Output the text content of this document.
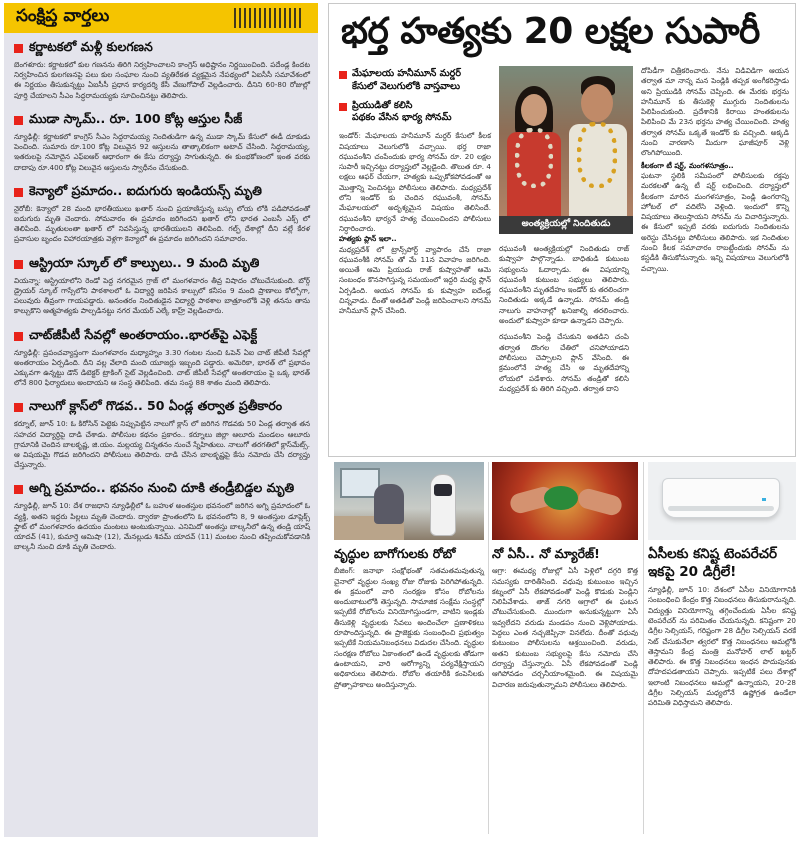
సంక్షిప్త వార్తలు
కర్ణాటకలో మళ్లీ కులగణన
బెంగళూరు: కర్ణాటకలో కుల గణనను తిరిగి నిర్వహించాలని కాంగ్రెస్ అధిష్టానం నిర్ణయించింది. పదేండ్ల కిందట నిర్వహించిన కులగణనపై పలు కుల సంఘాల నుంచి వ్యతిరేకత వ్యక్తమైన నేపథ్యంలో ఏఐసీసీ సమావేశంలో ఈ నిర్ణయం తీసుకున్నట్టు ఏఐసీసీ ప్రధాన కార్యదర్శి కేసీ వేణుగోపాల్ వెల్లడించారు. దీనిని 60-80 రోజుల్లో పూర్తి చేయాలని సీఎం సిద్ధరామయ్యకు సూచించినట్టు తెలిపారు.
ముడా స్కామ్.. రూ. 100 కోట్ల ఆస్తుల సీజ్
న్యూఢిల్లీ: కర్ణాటకలో కాంగ్రెస్ సీఎం సిద్దరామయ్య నిందితుడిగా ఉన్న ముడా స్కామ్ కేసులో ఈడీ దూకుడు పెంచింది. సుమారు రూ.100 కోట్ల విలువైన 92 ఆస్తులను తాత్కాలికంగా అటాచ్ చేసింది. సిద్ధరామయ్య, ఇతరులపై నమోదైన ఎఫ్ఐఆర్ ఆధారంగా ఈ కేసు దర్యాప్తు సాగుతున్నది. ఈ కుంభకోణంలో ఇంత వరకు దాదాపు రూ.400 కోట్ల విలువైన ఆస్తులను స్వాధీనం చేసుకుంది.
కెన్యాలో ప్రమాదం.. ఐదుగురు ఇండియన్స్ మృతి
నైరోబీ: కెన్యాలో 28 మంది భారతీయులు ఖతార్ నుంచి ప్రయాణిస్తున్న బస్సు లోయ లోకి పడిపోవడంతో ఐదుగురు మృతి చెందారు. సోమవారం ఈ ప్రమాదం జరిగిందని ఖతార్ లోని భారత ఎంబసీ ఎక్స్ లో తెలిపింది. మృతులంతా ఖతార్ లో నివసిస్తున్న భారతీయులని తెలిపింది. గల్ఫ్ దేశాల్లో దీని వల్లే కేరళ ప్రవాసుల బృందం విహారయాత్రకు వెళ్లగా కెన్యాలో ఈ ప్రమాదం జరిగిందని సమాచారం.
ఆస్ట్రియా స్కూల్ లో కాల్పులు.. 9 మంది మృతి
వియన్నా: ఆస్ట్రియాలోని రెండో పెద్ద నగరమైన గ్రాజ్ లో మంగళవారం తీవ్ర విషాదం చోటుచేసుకుంది. బోర్గ్ డ్రైయర్ స్కూల్ గాస్సేలోని పాఠశాలలో ఓ విద్యార్థి జరిపిన కాల్పులో కనీసం 9 మంది ప్రాణాలు కోల్పోగా, పలువురు తీవ్రంగా గాయపడ్డారు. అనంతరం నిందితుడైన విద్యార్థి పాఠశాల బాత్రూంలోకి వెళ్లి తనను తాను కాల్చుకొని ఆత్మహత్యకు పాల్పడినట్టు నగర మేయర్ ఎల్కే కాహ్ర్ వెల్లడించారు.
చాట్‌జీపీటీ సేవల్లో అంతరాయం..భారత్‌పై ఎఫెక్ట్
న్యూఢిల్లీ: ప్రపంచవ్యాప్తంగా మంగళవారం మధ్యాహ్నం 3.30 గంటల నుంచి ఓపెన్ ఏఐ చాట్ జీపీటీ సేవల్లో అంతరాయం ఏర్పడింది. దీని వల్ల వేలాది మంది యూజర్లు ఇబ్బంది పడ్డారు. అమెరికా, భారత్ లో ప్రభావం ఎక్కువగా ఉన్నట్టు డౌన్ డిటెక్టర్ ట్రాకింగ్ సైట్ వెల్లడించింది. చాట్ జీపీటీ సేవల్లో అంతరాయం పై ఒక్క భారత్ లోనే 800 ఫిర్యాదులు అందాయని ఆ సంస్థ తెలిపింది. తమ సంస్థ 88 శాతం మంది తెలిపారు.
నాలుగో క్లాస్‌లో గొడవ.. 50 ఏండ్ల తర్వాత ప్రతీకారం
కర్నూల్, జూన్ 10: ఓ కిరోసిన్ పెట్టెకు నిప్పుపెట్టిన నాలుగో క్లాస్ లో జరిగిన గొడవకు 50 ఏండ్ల తర్వాత తన సహచర విద్యార్థిపై దాడి చేశాడు. పోలీసుల కథనం ప్రకారం.. కర్నూలు జిల్లా ఆలూరు మండలం ఆలూరు గ్రామానికి చెందిన బాలకృష్ణ, జి.యం. మల్లయ్య చిన్నతనం నుంచే స్నేహితులు. నాలుగో తరగతిలో క్లాస్‌మేట్స్. ఆ విషయమై గొడవ జరిగిందని పోలీసులు తెలిపారు. దాడి చేసిన బాలకృష్ణపై కేసు నమోదు చేసి దర్యాప్తు చేస్తున్నారు.
అగ్ని ప్రమాదం.. భవనం నుంచి దూకి తండ్రీబిడ్డల మృతి
న్యూఢిల్లీ, జూన్ 10: దేశ రాజధాని న్యూఢిల్లీలో ఓ బహుళ అంతస్తుల భవనంలో జరిగిన అగ్ని ప్రమాదంలో ఓ వ్యక్తి, అతని ఇద్దరు పిల్లలు మృతి చెందారు. ద్వారకా ప్రాంతంలోని ఓ భవనంలోని 8, 9 అంతస్తుల డూప్లెక్స్ ఫ్లాట్ లో మంగళవారం ఉదయం మంటలు అంటుకున్నాయి. ఎనిమిదో అంతస్తు బాల్కనీలో ఉన్న తండ్రి యాష్ యాదవ్ (41), కుమార్తె ఆమిషా (12), మేనల్లుడు శివమ్ యాదవ్ (11) మంటల నుంచి తప్పించుకోవడానికి బాల్కనీ నుంచి దూకి మృతి చెందారు.
భర్త హత్యకు 20 లక్షల సుపారీ
మేఘాలయ హనీమూన్ మర్డర్
కేసులో వెలుగులోకి వాస్తవాలు
ప్రియుడితో కలిసి
పథకం వేసిన భార్య సోనమ్
ఇండోర్: మేఘాలయ హనీమూన్ మర్డర్ కేసులో కీలక విషయాలు వెలుగులోకి వచ్చాయి. భర్త రాజా రఘువంశీని చంపేందుకు భార్య సోనమ్ రూ. 20 లక్షల సుపారీ ఇచ్చినట్టు దర్యాప్తులో వెల్లడైంది. తొలుత రూ. 4 లక్షలు ఆఫర్ చేయగా, హత్యకు ఒప్పుకోకపోవడంతో ఆ మొత్తాన్ని పెంచినట్టు పోలీసులు తెలిపారు. మధ్యప్రదేశ్ లోని ఇండోర్ కు చెందిన రఘువంశీ, సోనమ్ మేఘాలయలో అదృశ్యమైన విషయం తెలిసిందే. రఘువంశీని భార్యనే హత్య చేయించిందని పోలీసులు నిర్ధారించారు.
హత్యకు ప్లాన్ ఇలా..
మధ్యప్రదేశ్ లో ట్రాన్స్‌పోర్ట్ వ్యాపారం చేసే రాజా రఘువంశీకి సోనమ్ తో మే 11న వివాహం జరిగింది. అయితే ఆమె ప్రియుడు రాజ్ కుష్వాహతో ఆమె సంబంధం కొనసాగిస్తున్న సమయంలో ఇద్దరి మధ్య ప్లాన్ ఏర్పడింది. ఆయన సోనమ్ కు కుష్వాహ ఐదేండ్ల చిన్నవాడు. దీంతో అతడితో పెండ్లి జరిపించాలని సోనమ్ హనీమూన్ ప్లాన్ చేసింది.
అంత్యక్రియల్లో నిందితుడు
రఘువంశీ అంత్యక్రియల్లో నిందితుడు రాజ్ కుష్వాహ పాల్గొన్నాడు. బాధితుడి కుటుంబ సభ్యులను ఓదార్చాడు. ఈ విషయాన్ని రఘువంశీ కుటుంబ సభ్యులు తెలిపారు. రఘువంశీని మృతదేహం ఇండోర్ కు తరలించగా నిందితుడు అక్కడే ఉన్నాడు. సోనమ్ తండ్రి నాలుగు వాహనాల్లో ఖనిజాల్ని తరలించారు. అందులో కుష్వాహ కూడా ఉన్నాడని చెప్పారు.
రఘువంశీని పెండ్లి చేసుకుని అతడిని చంపి తర్వాత దొంగల చేతిలో చనిపోయాడని పోలీసులు చెప్పాలని ప్లాన్ వేసింది. ఈ క్రమంలోనే హత్య చేసి ఆ మృతదేహాన్ని లోయలో పడేశారు. సోనమ్ తండ్రితో కలిసి మధ్యప్రదేశ్ కు తిరిగి వచ్చింది. తర్వాత దాని
దోపిడీగా చిత్రీకరించారు. నేను విడివిడిగా ఆయన తర్వాత మా నాన్న మన పెండ్లికి తప్పక అంగీకరిస్తాడు అని ప్రియుడికి సోనమ్ చెప్పింది. ఈ మేరకు భర్తను హనీమూన్ కు తీసుకెళ్లి ముగ్గురు నిందితులను పిలిపించుకుంది. ప్రదేశానికి కిరాయి హంతకులను పిలిపించి మే 23న భర్తను హత్య చేయించింది. హత్య తర్వాత సోనమ్ ఒక్కతే ఇండోర్ కు వచ్చింది. అక్కడి నుంచి వారణాసి మీదుగా ఘాజీపూర్ వెళ్లి లొంగిపోయింది.
కీలకంగా టీ షర్ట్, మంగళసూత్రం..
ఘటనా స్థలికి సమీపంలో పోలీసులకు రక్తపు మరకలతో ఉన్న టీ షర్ట్ లభించింది. దర్యాప్తులో కీలకంగా మారిన మంగళసూత్రం, పెండ్లి ఉంగరాన్ని హోటల్ లో వదిలేసి వెళ్లింది. ఇందులో కొన్ని విషయాలు తెలుస్తాయని సోనమ్ ను విచారిస్తున్నారు. ఈ కేసులో ఇప్పటి వరకు ఐదుగురు నిందితులను అరెస్టు చేసినట్టు పోలీసులు తెలిపారు. ఇక నిందితుల నుంచి కీలక సమాచారం రాబట్టేందుకు సోనమ్ ను కస్టడీకి తీసుకోనున్నారు. ఇన్ని విషయాలు వెలుగులోకి వచ్చాయి.
వృద్ధుల బాగోగులకు రోబో
బీజింగ్: జనాభా సంక్షోభంతో సతమతమవుతున్న చైనాలో వృద్ధుల సంఖ్య రోజు రోజుకు పెరిగిపోతున్నది. ఈ క్రమంలో వారి సంరక్షణ కోసం రోబోలను అందుబాటులోకి తెస్తున్నది. సామాజిక సంక్షేమ సంస్థల్లో ఇప్పటికే రోబోలను వినియోగిస్తుండగా, వాటిని ఇండ్లకు తీసుకెళ్లి వృద్ధులకు సేవలు అందించేలా ప్రణాళికలు రూపొందిస్తున్నది. ఈ ప్రాజెక్టుకు సంబంధించి ప్రభుత్వం ఇప్పటికే నియమనిబంధనలు విడుదల చేసింది. వృద్ధుల సంరక్షణ రోబోలు ఏకాంతంలో ఉండే వృద్ధులకు తోడుగా ఉంటాయని, వారి ఆరోగ్యాన్ని పర్యవేక్షిస్తాయని అధికారులు తెలిపారు. రోబోల తయారీకి కంపెనీలకు ప్రోత్సాహకాలు అందిస్తున్నారు.
నో ఏసీ.. నో మ్యారేజ్!
ఆగ్రా: ఈమధ్య రోజుల్లో ఏసీ పెళ్లిలో దగ్గరి కొత్త సమస్యకు దారితీసింది. వధువు కుటుంబం ఇచ్చిన కట్నంలో ఏసీ లేకపోవడంతో పెండ్లి కొడుకు పెండ్లిని నిలిపివేశాడు. తాజ్ నగరి ఆగ్రాలో ఈ ఘటన చోటుచేసుకుంది. ముందుగా అనుకున్నట్టుగా ఏసీ ఇవ్వలేదని వరుడు మండపం నుంచి వెళ్లిపోయాడు. పెద్దలు ఎంత నచ్చజెప్పినా వినలేదు. దీంతో వధువు కుటుంబం పోలీసులను ఆశ్రయించింది. వరుడు, అతని కుటుంబ సభ్యులపై కేసు నమోదు చేసి దర్యాప్తు చేస్తున్నారు. ఏసీ లేకపోవడంతో పెండ్లి ఆగిపోవడం చర్చనీయాంశమైంది. ఈ విషయమై విచారణ జరుపుతున్నామని పోలీసులు తెలిపారు.
ఏసీలకు కనిష్ట టెంపరేచర్ ఇకపై 20 డిగ్రీలే!
న్యూఢిల్లీ, జూన్ 10: దేశంలో ఏసీల వినియోగానికి సంబంధించి కేంద్రం కొత్త నిబంధనలు తీసుకురానున్నది. విద్యుత్తు వినియోగాన్ని తగ్గించేందుకు ఏసీల కనిష్ట టెంపరేచర్ ను పరిమితం చేయనున్నది. కనిష్టంగా 20 డిగ్రీల సెల్సియస్, గరిష్టంగా 28 డిగ్రీల సెల్సియస్ వరకే సెట్ చేసుకునేలా త్వరలో కొత్త నిబంధనలు అమల్లోకి తెస్తామని కేంద్ర మంత్రి మనోహర్ లాల్ ఖట్టర్ తెలిపారు. ఈ కొత్త నిబంధనలు ఇంధన పొదుపునకు దోహదపడతాయని చెప్పారు. ఇప్పటికే పలు దేశాల్లో ఇలాంటి నిబంధనలు అమల్లో ఉన్నాయని, 20-28 డిగ్రీల సెల్సియస్ మధ్యలోనే ఉష్ణోగ్రత ఉండేలా పరిమితి విధిస్తామని తెలిపారు.
